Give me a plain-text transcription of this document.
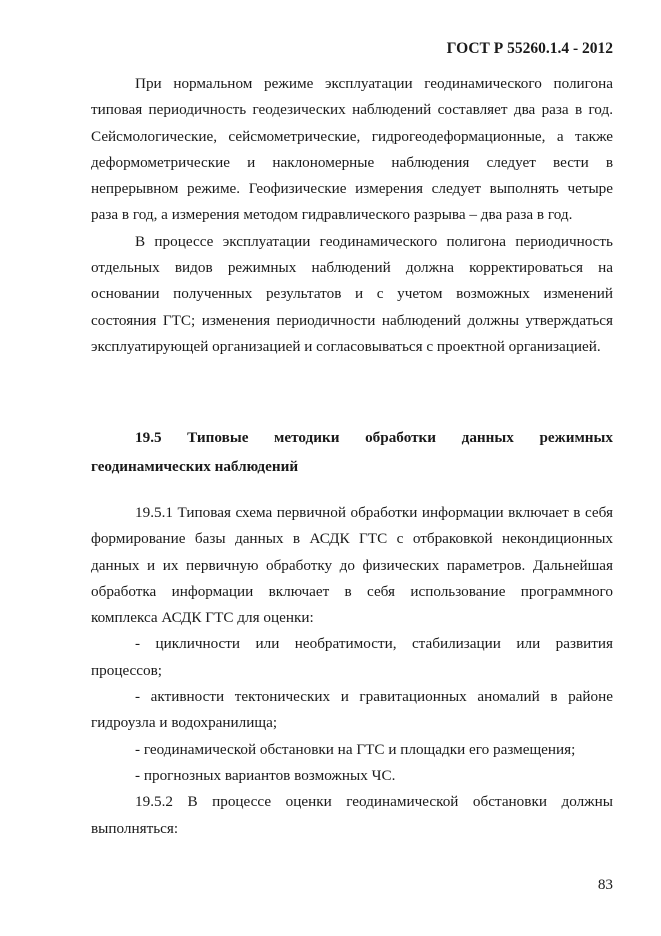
ГОСТ Р 55260.1.4 - 2012

При нормальном режиме эксплуатации геодинамического полигона типовая периодичность геодезических наблюдений составляет два раза в год. Сейсмологические, сейсмометрические, гидрогеодеформационные, а также деформометрические и наклономерные наблюдения следует вести в непрерывном режиме. Геофизические измерения следует выполнять четыре раза в год, а измерения методом гидравлического разрыва – два раза в год.

В процессе эксплуатации геодинамического полигона периодичность отдельных видов режимных наблюдений должна корректироваться на основании полученных результатов и с учетом возможных изменений состояния ГТС; изменения периодичности наблюдений должны утверждаться эксплуатирующей организацией и согласовываться с проектной организацией.

19.5 Типовые методики обработки данных режимных геодинамических наблюдений

19.5.1 Типовая схема первичной обработки информации включает в себя формирование базы данных в АСДК ГТС с отбраковкой некондиционных данных и их первичную обработку до физических параметров. Дальнейшая обработка информации включает в себя использование программного комплекса АСДК ГТС для оценки:

- цикличности или необратимости, стабилизации или развития процессов;

- активности тектонических и гравитационных аномалий в районе гидроузла и водохранилища;

- геодинамической обстановки на ГТС и площадки его размещения;

- прогнозных вариантов возможных ЧС.

19.5.2 В процессе оценки геодинамической обстановки должны выполняться:

83
